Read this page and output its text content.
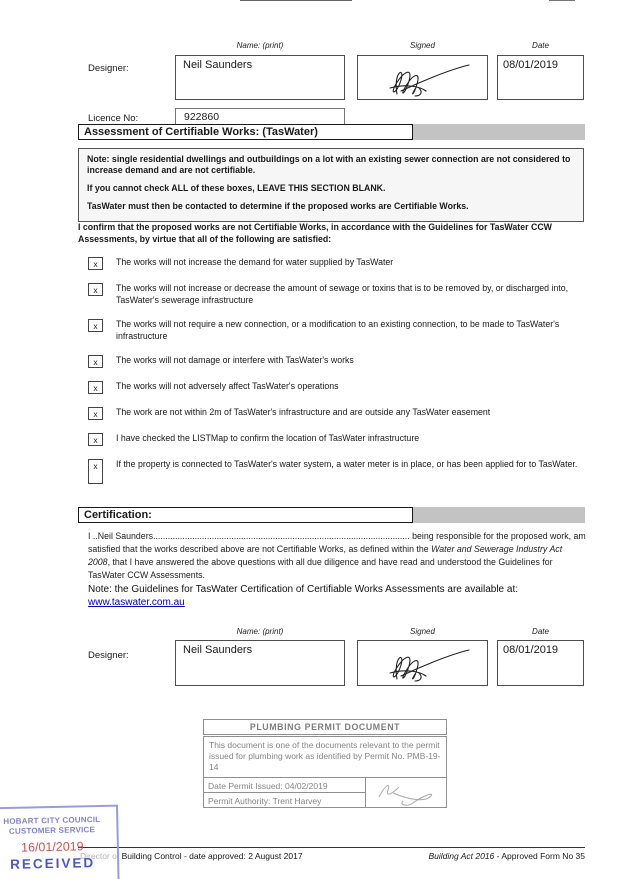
Name: (print)	Signed	Date
Designer:	Neil Saunders	08/01/2019
Licence No:	922860
Assessment of Certifiable Works: (TasWater)

Note: single residential dwellings and outbuildings on a lot with an existing sewer connection are not considered to increase demand and are not certifiable.

If you cannot check ALL of these boxes, LEAVE THIS SECTION BLANK.

TasWater must then be contacted to determine if the proposed works are Certifiable Works.

I confirm that the proposed works are not Certifiable Works, in accordance with the Guidelines for TasWater CCW Assessments, by virtue that all of the following are satisfied:
x	The works will not increase the demand for water supplied by TasWater
x	The works will not increase or decrease the amount of sewage or toxins that is to be removed by, or discharged into, TasWater's sewerage infrastructure
x	The works will not require a new connection, or a modification to an existing connection, to be made to TasWater's infrastructure
x	The works will not damage or interfere with TasWater's works
x	The works will not adversely affect TasWater's operations
x	The work are not within 2m of TasWater's infrastructure and are outside any TasWater easement
x	I have checked the LISTMap to confirm the location of TasWater infrastructure
x	If the property is connected to TasWater's water system, a water meter is in place, or has been applied for to TasWater.
Certification:

I ..Neil Saunders......................................................................................................... being responsible for the proposed work, am satisfied that the works described above are not Certifiable Works, as defined within the Water and Sewerage Industry Act 2008, that I have answered the above questions with all due diligence and have read and understood the Guidelines for TasWater CCW Assessments.

Note: the Guidelines for TasWater Certification of Certifiable Works Assessments are available at: www.taswater.com.au

Name: (print)	Signed	Date
Designer:	Neil Saunders	08/01/2019
PLUMBING PERMIT DOCUMENT
This document is one of the documents relevant to the permit issued for plumbing work as identified by Permit No. PMB-19-14
Date Permit Issued: 04/02/2019
Permit Authority: Trent Harvey
HOBART CITY COUNCIL
CUSTOMER SERVICE
16/01/2019
RECEIVED
Director of Building Control - date approved: 2 August 2017	Building Act 2016 - Approved Form No 35
